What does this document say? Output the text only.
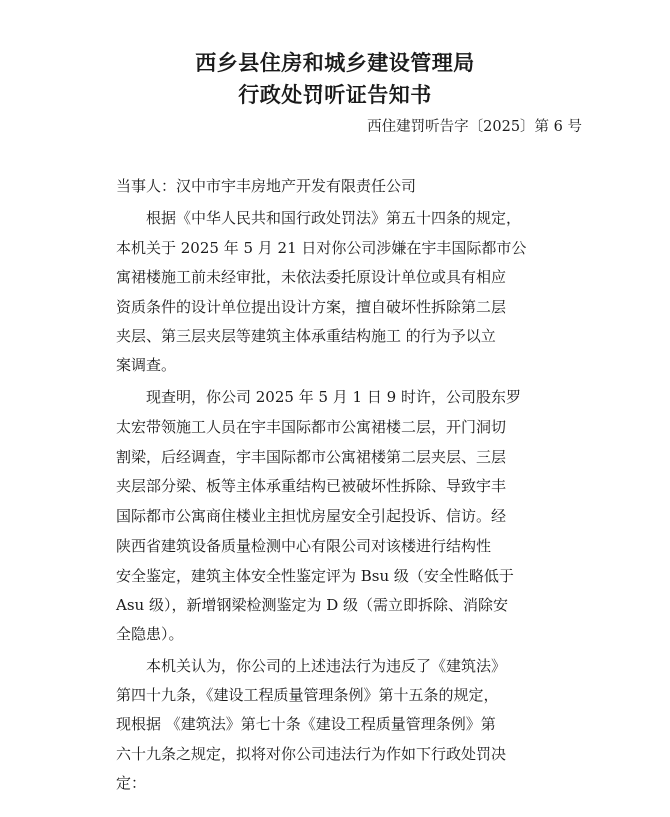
西乡县住房和城乡建设管理局
行政处罚听证告知书
西住建罚听告字〔2025〕第 6 号
当事人：汉中市宇丰房地产开发有限责任公司
根据《中华人民共和国行政处罚法》第五十四条的规定，
本机关于 2025 年 5 月 21 日对你公司涉嫌在宇丰国际都市公
寓裙楼施工前未经审批，未依法委托原设计单位或具有相应
资质条件的设计单位提出设计方案，擅自破坏性拆除第二层
夹层、第三层夹层等建筑主体承重结构施工 的行为予以立
案调查。
现查明，你公司 2025 年 5 月 1 日 9 时许，公司股东罗
太宏带领施工人员在宇丰国际都市公寓裙楼二层，开门洞切
割梁，后经调查，宇丰国际都市公寓裙楼第二层夹层、三层
夹层部分梁、板等主体承重结构已被破坏性拆除、导致宇丰
国际都市公寓商住楼业主担忧房屋安全引起投诉、信访。经
陕西省建筑设备质量检测中心有限公司对该楼进行结构性
安全鉴定，建筑主体安全性鉴定评为 Bsu 级（安全性略低于
Asu 级），新增钢梁检测鉴定为 D 级（需立即拆除、消除安
全隐患）。
本机关认为，你公司的上述违法行为违反了《建筑法》
第四十九条，《建设工程质量管理条例》第十五条的规定，
现根据 《建筑法》第七十条《建设工程质量管理条例》第
六十九条之规定，拟将对你公司违法行为作如下行政处罚决
定：
